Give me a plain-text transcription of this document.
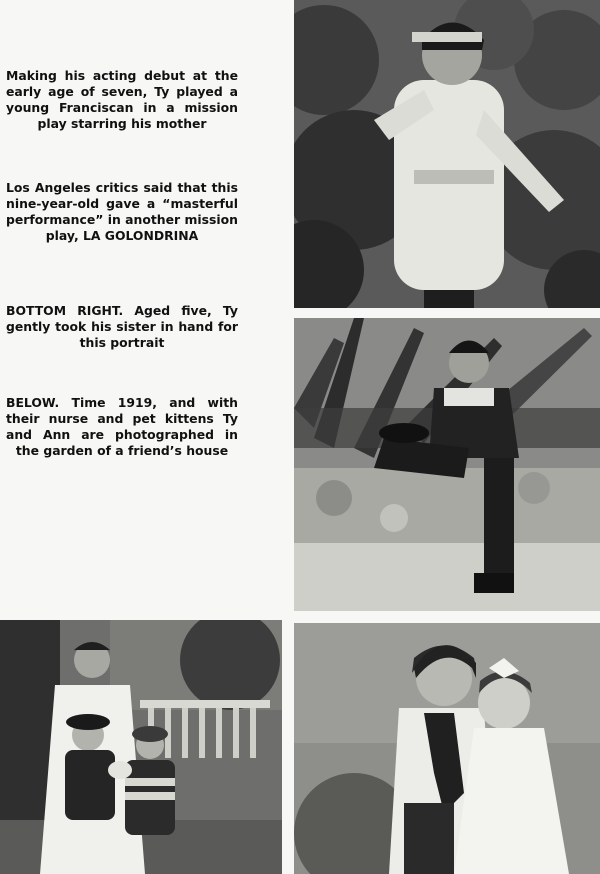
Making his acting debut at the early age of seven, Ty played a young Franciscan in a mission play starring his mother

Los Angeles critics said that this nine-year-old gave a “masterful performance” in another mission play, LA GOLONDRINA

BOTTOM RIGHT. Aged five, Ty gently took his sister in hand for this portrait

BELOW. Time 1919, and with their nurse and pet kittens Ty and Ann are photographed in the garden of a friend’s house
